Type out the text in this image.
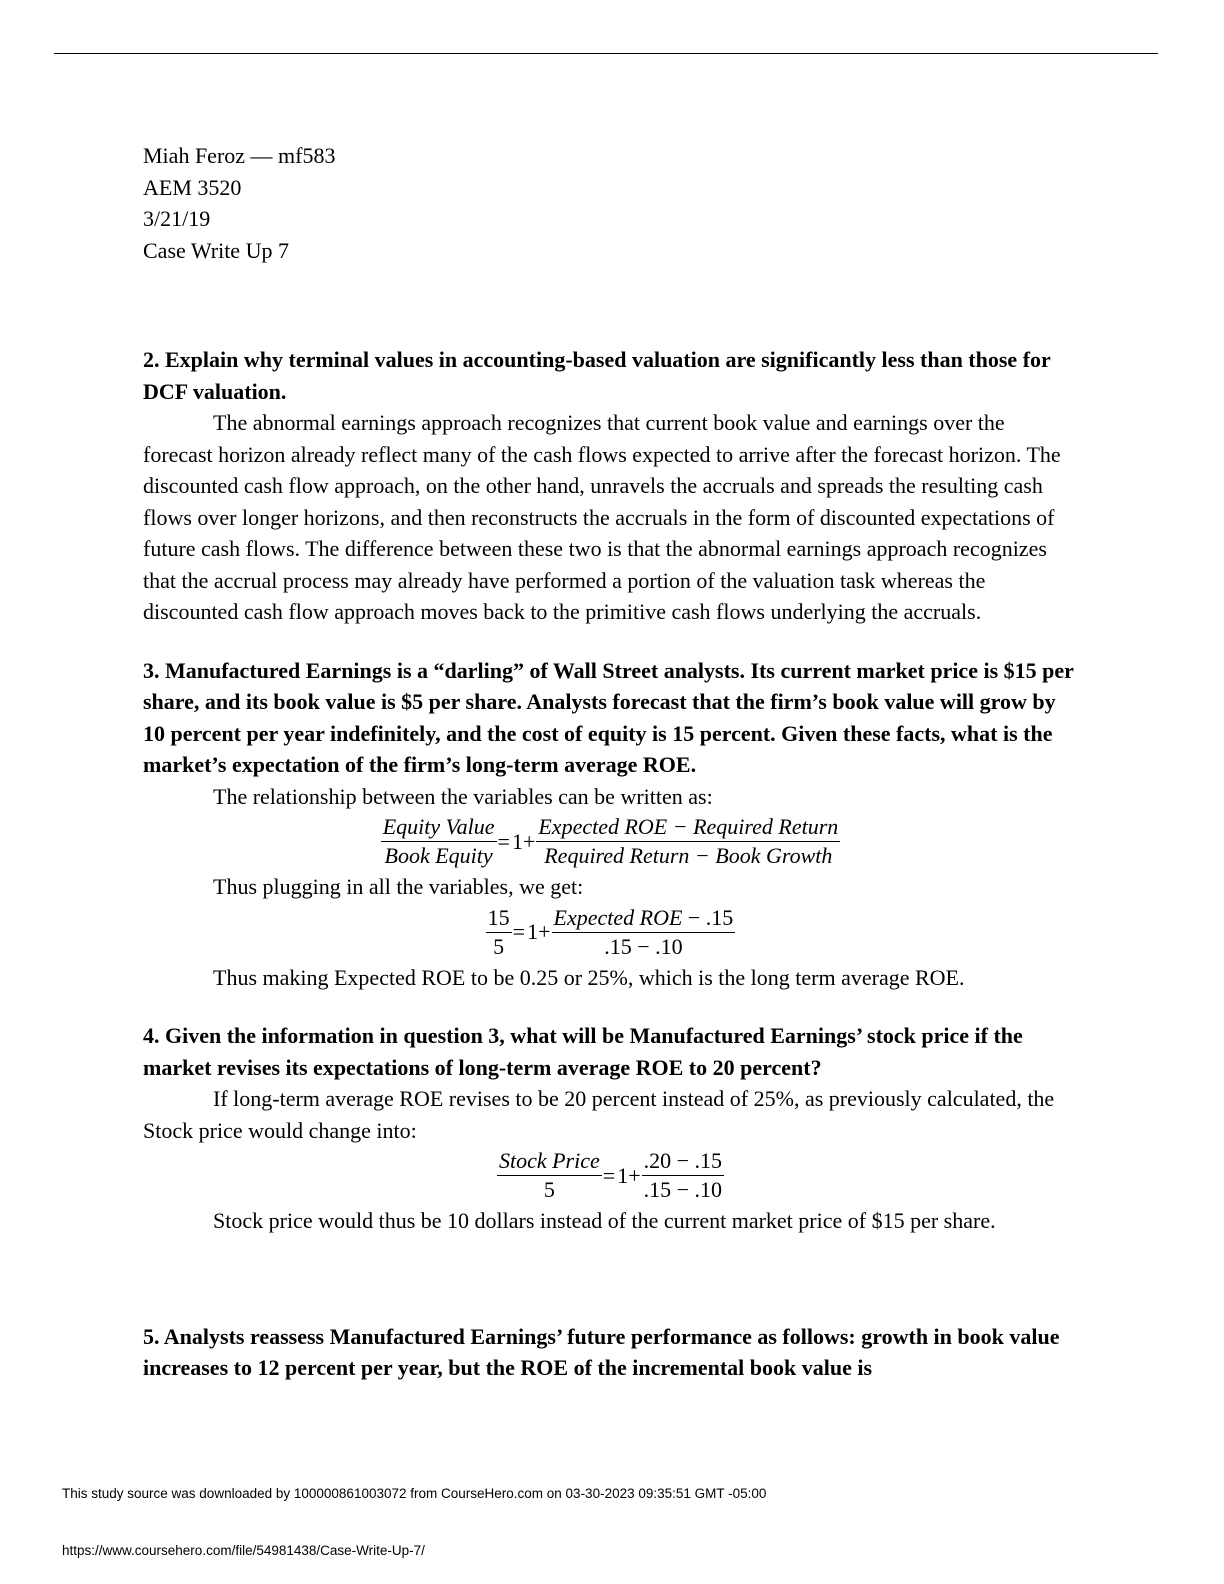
Miah Feroz — mf583
AEM 3520
3/21/19
Case Write Up 7

2. Explain why terminal values in accounting-based valuation are significantly less than those for DCF valuation.

The abnormal earnings approach recognizes that current book value and earnings over the forecast horizon already reflect many of the cash flows expected to arrive after the forecast horizon. The discounted cash flow approach, on the other hand, unravels the accruals and spreads the resulting cash flows over longer horizons, and then reconstructs the accruals in the form of discounted expectations of future cash flows. The difference between these two is that the abnormal earnings approach recognizes that the accrual process may already have performed a portion of the valuation task whereas the discounted cash flow approach moves back to the primitive cash flows underlying the accruals.

3. Manufactured Earnings is a “darling” of Wall Street analysts. Its current market price is $15 per share, and its book value is $5 per share. Analysts forecast that the firm’s book value will grow by 10 percent per year indefinitely, and the cost of equity is 15 percent. Given these facts, what is the market’s expectation of the firm’s long-term average ROE.

The relationship between the variables can be written as:

$\frac{\text{Equity Value}}{\text{Book Equity}} = 1+ \frac{\text{Expected ROE − Required Return}}{\text{Required Return − Book Growth}}$

Thus plugging in all the variables, we get:

$\frac{15}{5} = 1+ \frac{\text{Expected ROE − .15}}{.15 - .10}$

Thus making Expected ROE to be 0.25 or 25%, which is the long term average ROE.

4. Given the information in question 3, what will be Manufactured Earnings’ stock price if the market revises its expectations of long-term average ROE to 20 percent?

If long-term average ROE revises to be 20 percent instead of 25%, as previously calculated, the Stock price would change into:

$\frac{\text{Stock Price}}{5} = 1+ \frac{.20 - .15}{.15 - .10}$

Stock price would thus be 10 dollars instead of the current market price of $15 per share.

5. Analysts reassess Manufactured Earnings’ future performance as follows: growth in book value increases to 12 percent per year, but the ROE of the incremental book value is

This study source was downloaded by 100000861003072 from CourseHero.com on 03-30-2023 09:35:51 GMT -05:00
https://www.coursehero.com/file/54981438/Case-Write-Up-7/
